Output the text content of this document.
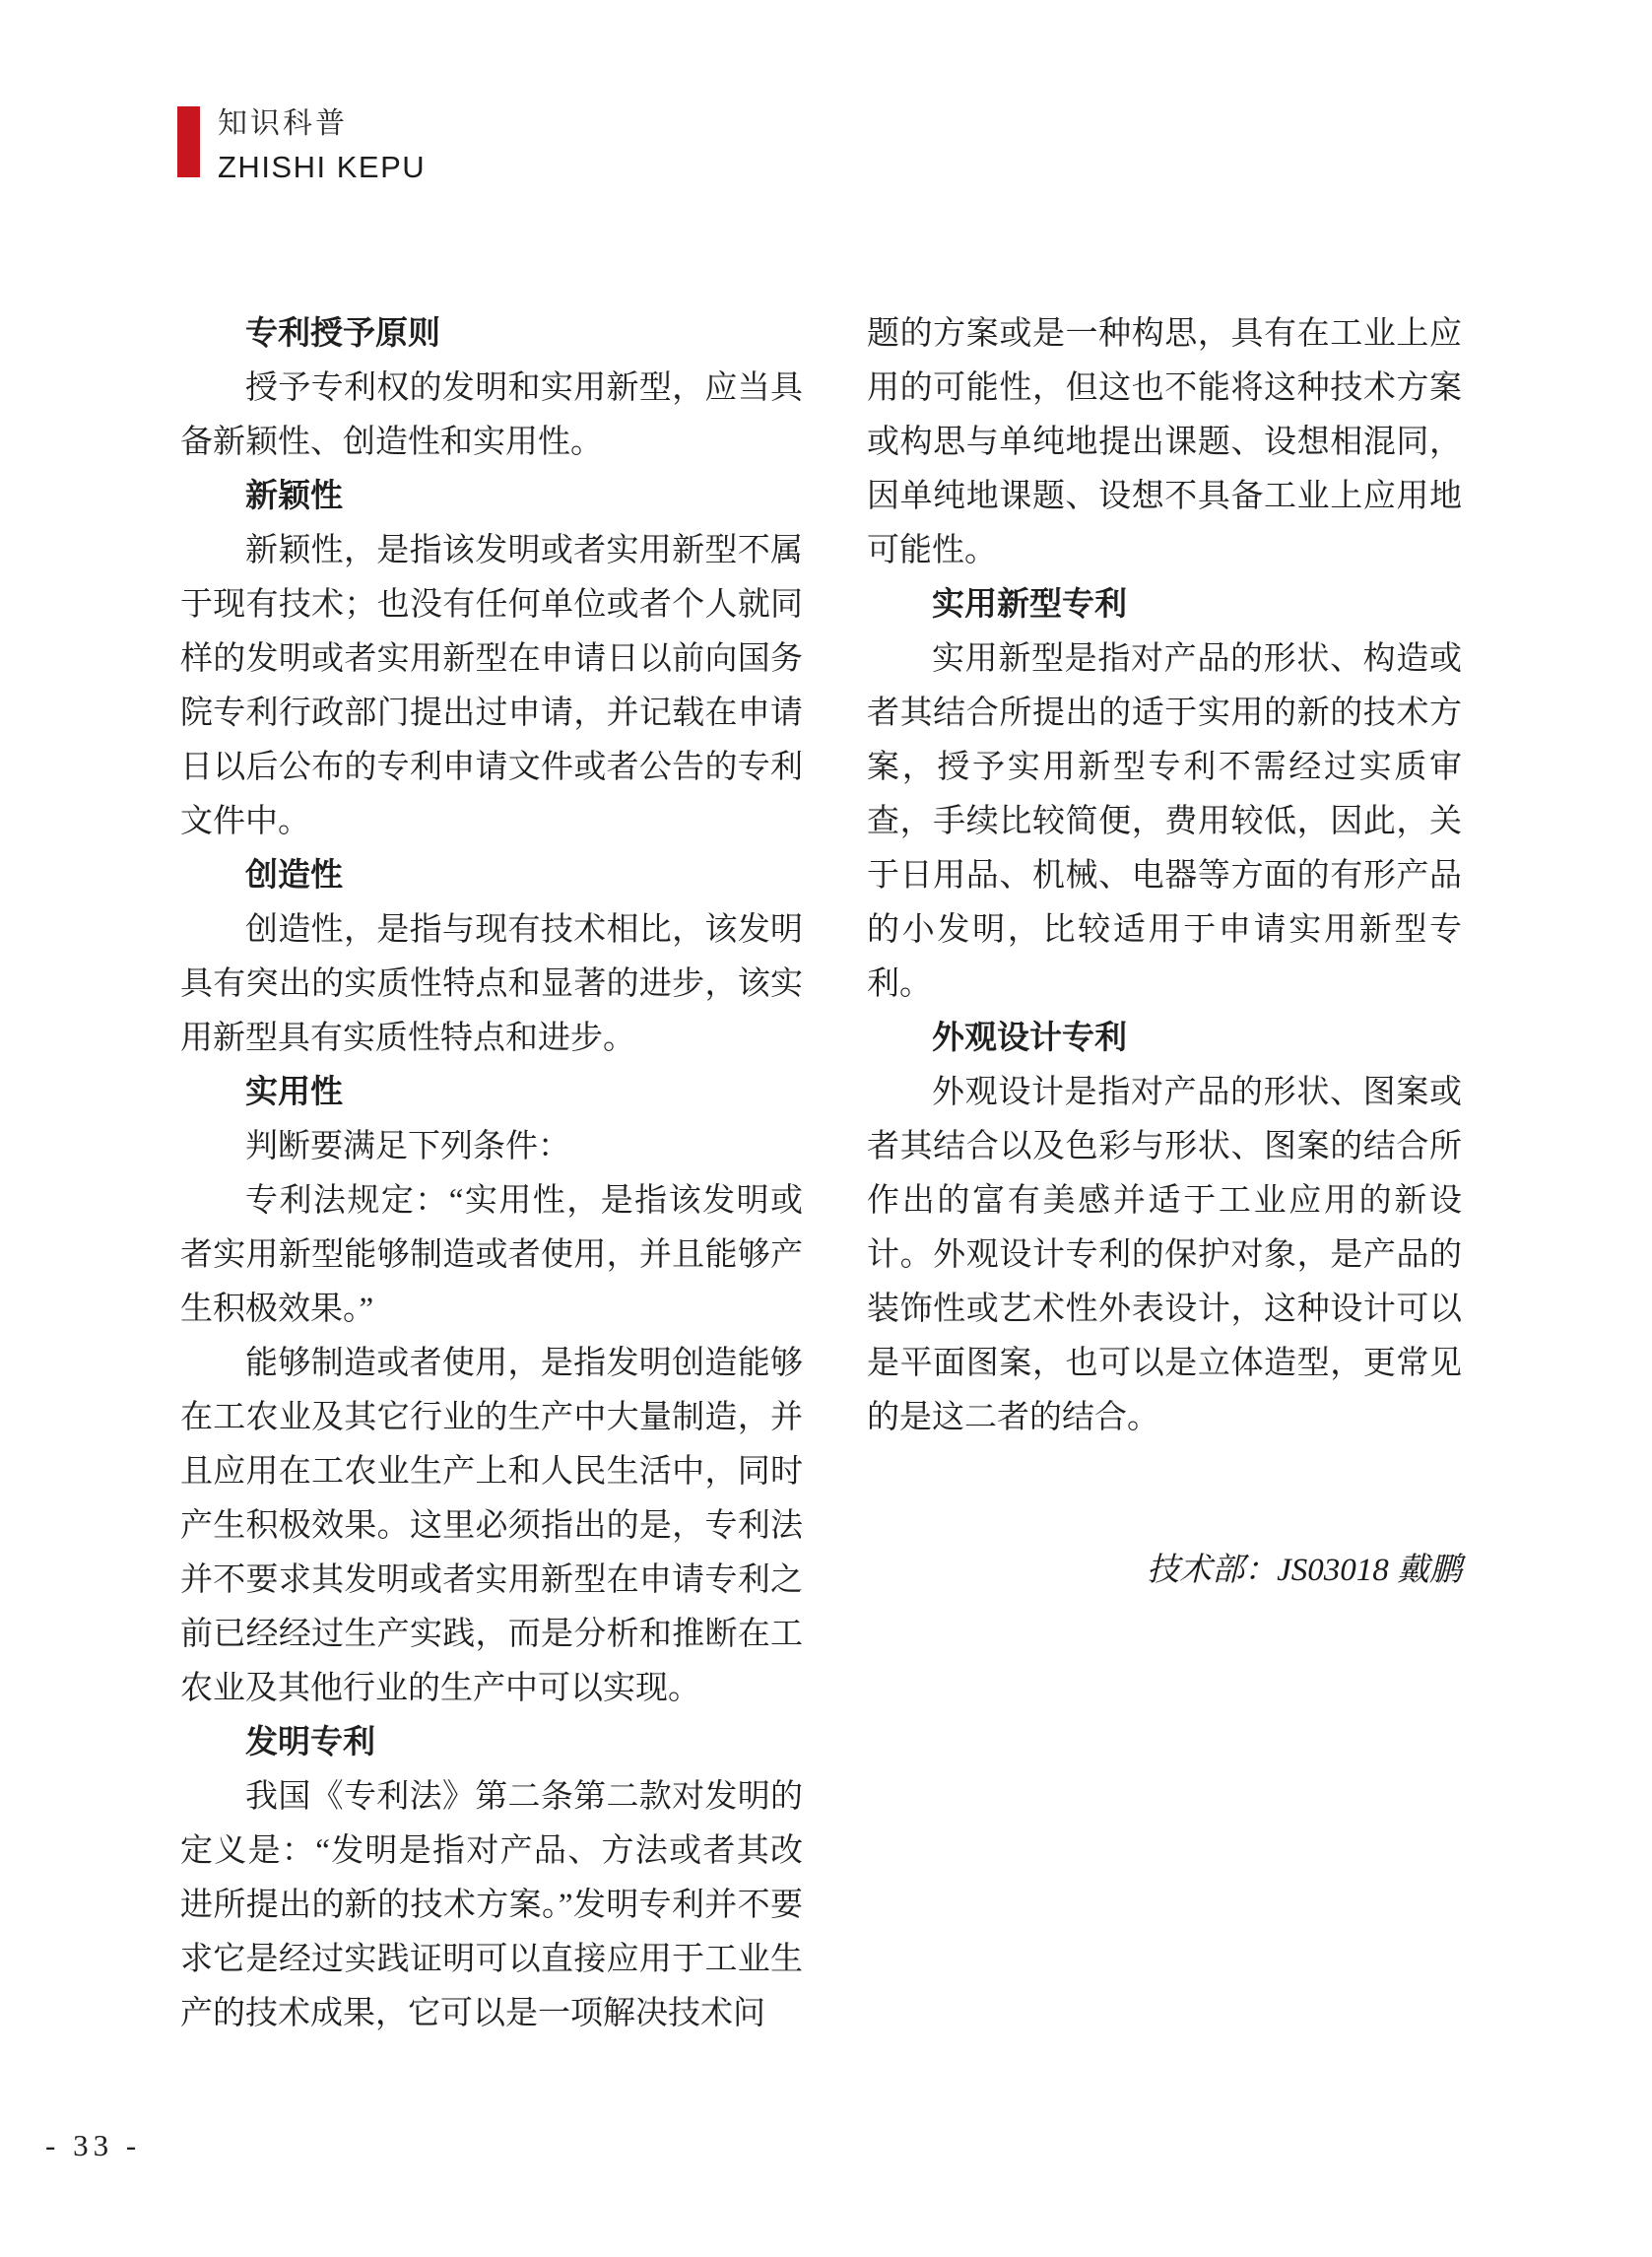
知识科普
ZHISHI KEPU
专利授予原则
授予专利权的发明和实用新型，应当具备新颖性、创造性和实用性。
新颖性
新颖性，是指该发明或者实用新型不属于现有技术；也没有任何单位或者个人就同样的发明或者实用新型在申请日以前向国务院专利行政部门提出过申请，并记载在申请日以后公布的专利申请文件或者公告的专利文件中。
创造性
创造性，是指与现有技术相比，该发明具有突出的实质性特点和显著的进步，该实用新型具有实质性特点和进步。
实用性
判断要满足下列条件：
专利法规定：“实用性，是指该发明或者实用新型能够制造或者使用，并且能够产生积极效果。”
能够制造或者使用，是指发明创造能够在工农业及其它行业的生产中大量制造，并且应用在工农业生产上和人民生活中，同时产生积极效果。这里必须指出的是，专利法并不要求其发明或者实用新型在申请专利之前已经经过生产实践，而是分析和推断在工农业及其他行业的生产中可以实现。
发明专利
我国《专利法》第二条第二款对发明的定义是：“发明是指对产品、方法或者其改进所提出的新的技术方案。”发明专利并不要求它是经过实践证明可以直接应用于工业生产的技术成果，它可以是一项解决技术问
题的方案或是一种构思，具有在工业上应用的可能性，但这也不能将这种技术方案或构思与单纯地提出课题、设想相混同，因单纯地课题、设想不具备工业上应用地可能性。
实用新型专利
实用新型是指对产品的形状、构造或者其结合所提出的适于实用的新的技术方案，授予实用新型专利不需经过实质审查，手续比较简便，费用较低，因此，关于日用品、机械、电器等方面的有形产品的小发明，比较适用于申请实用新型专利。
外观设计专利
外观设计是指对产品的形状、图案或者其结合以及色彩与形状、图案的结合所作出的富有美感并适于工业应用的新设计。外观设计专利的保护对象，是产品的装饰性或艺术性外表设计，这种设计可以是平面图案，也可以是立体造型，更常见的是这二者的结合。
技术部：JS03018 戴鹏
- 33 -
